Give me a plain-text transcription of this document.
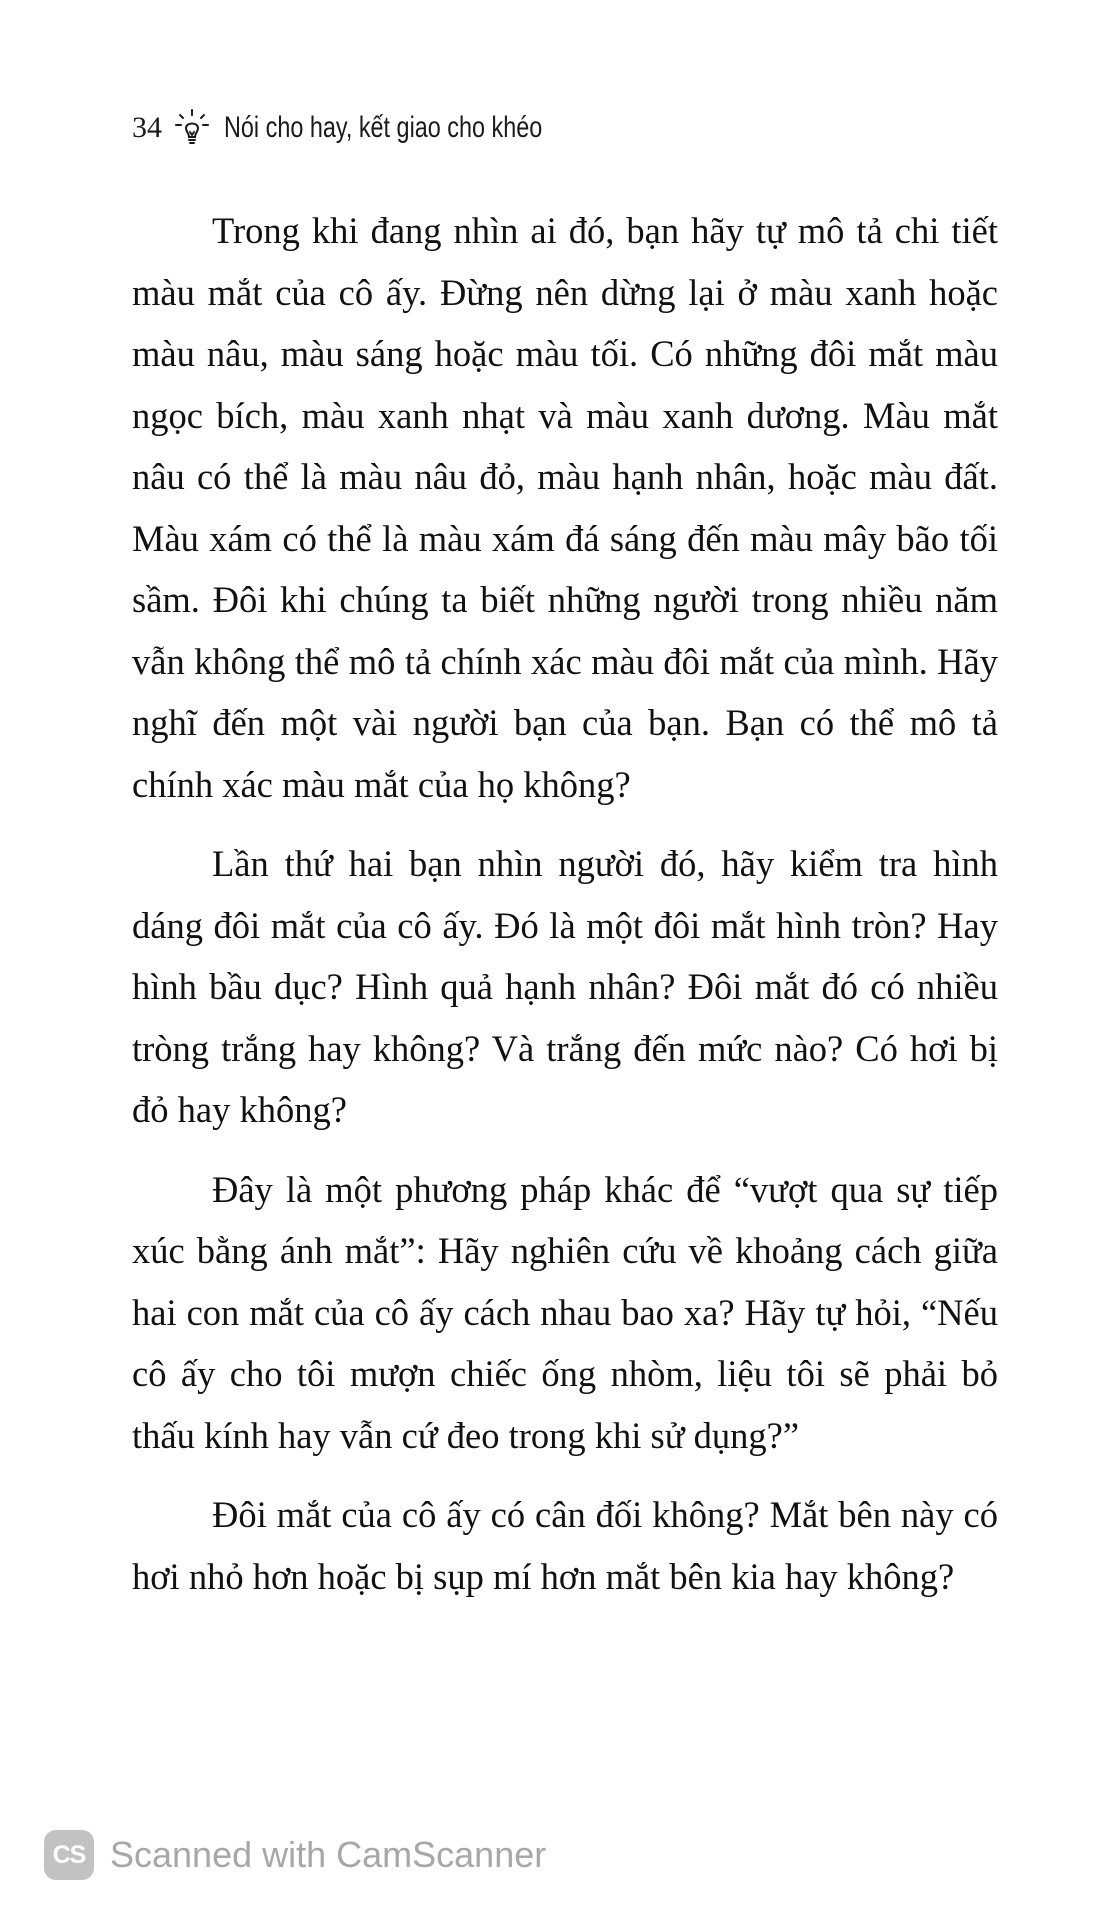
34 Nói cho hay, kết giao cho khéo

Trong khi đang nhìn ai đó, bạn hãy tự mô tả chi tiết màu mắt của cô ấy. Đừng nên dừng lại ở màu xanh hoặc màu nâu, màu sáng hoặc màu tối. Có những đôi mắt màu ngọc bích, màu xanh nhạt và màu xanh dương. Màu mắt nâu có thể là màu nâu đỏ, màu hạnh nhân, hoặc màu đất. Màu xám có thể là màu xám đá sáng đến màu mây bão tối sầm. Đôi khi chúng ta biết những người trong nhiều năm vẫn không thể mô tả chính xác màu đôi mắt của mình. Hãy nghĩ đến một vài người bạn của bạn. Bạn có thể mô tả chính xác màu mắt của họ không?

Lần thứ hai bạn nhìn người đó, hãy kiểm tra hình dáng đôi mắt của cô ấy. Đó là một đôi mắt hình tròn? Hay hình bầu dục? Hình quả hạnh nhân? Đôi mắt đó có nhiều tròng trắng hay không? Và trắng đến mức nào? Có hơi bị đỏ hay không?

Đây là một phương pháp khác để “vượt qua sự tiếp xúc bằng ánh mắt”: Hãy nghiên cứu về khoảng cách giữa hai con mắt của cô ấy cách nhau bao xa? Hãy tự hỏi, “Nếu cô ấy cho tôi mượn chiếc ống nhòm, liệu tôi sẽ phải bỏ thấu kính hay vẫn cứ đeo trong khi sử dụng?”

Đôi mắt của cô ấy có cân đối không? Mắt bên này có hơi nhỏ hơn hoặc bị sụp mí hơn mắt bên kia hay không?

CS Scanned with CamScanner
